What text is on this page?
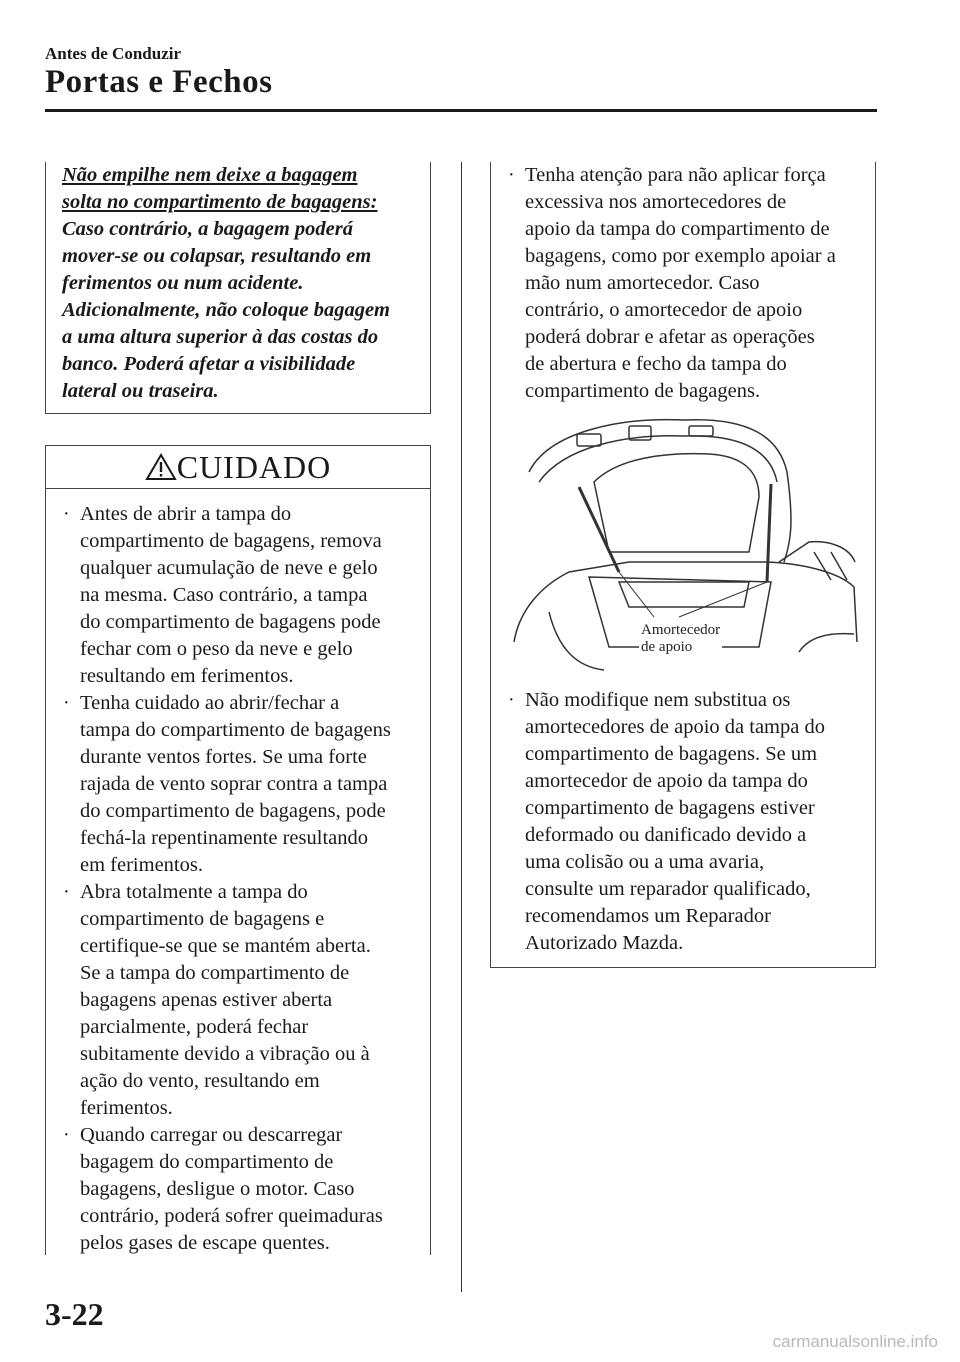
Antes de Conduzir
Portas e Fechos
Não empilhe nem deixe a bagagem
solta no compartimento de bagagens:
Caso contrário, a bagagem poderá
mover-se ou colapsar, resultando em
ferimentos ou num acidente.
Adicionalmente, não coloque bagagem
a uma altura superior à das costas do
banco. Poderá afetar a visibilidade
lateral ou traseira.
CUIDADO
· Antes de abrir a tampa do
compartimento de bagagens, remova
qualquer acumulação de neve e gelo
na mesma. Caso contrário, a tampa
do compartimento de bagagens pode
fechar com o peso da neve e gelo
resultando em ferimentos.
· Tenha cuidado ao abrir/fechar a
tampa do compartimento de bagagens
durante ventos fortes. Se uma forte
rajada de vento soprar contra a tampa
do compartimento de bagagens, pode
fechá-la repentinamente resultando
em ferimentos.
· Abra totalmente a tampa do
compartimento de bagagens e
certifique-se que se mantém aberta.
Se a tampa do compartimento de
bagagens apenas estiver aberta
parcialmente, poderá fechar
subitamente devido a vibração ou à
ação do vento, resultando em
ferimentos.
· Quando carregar ou descarregar
bagagem do compartimento de
bagagens, desligue o motor. Caso
contrário, poderá sofrer queimaduras
pelos gases de escape quentes.
· Tenha atenção para não aplicar força
excessiva nos amortecedores de
apoio da tampa do compartimento de
bagagens, como por exemplo apoiar a
mão num amortecedor. Caso
contrário, o amortecedor de apoio
poderá dobrar e afetar as operações
de abertura e fecho da tampa do
compartimento de bagagens.
Amortecedor
de apoio
· Não modifique nem substitua os
amortecedores de apoio da tampa do
compartimento de bagagens. Se um
amortecedor de apoio da tampa do
compartimento de bagagens estiver
deformado ou danificado devido a
uma colisão ou a uma avaria,
consulte um reparador qualificado,
recomendamos um Reparador
Autorizado Mazda.
3-22
carmanualsonline.info
